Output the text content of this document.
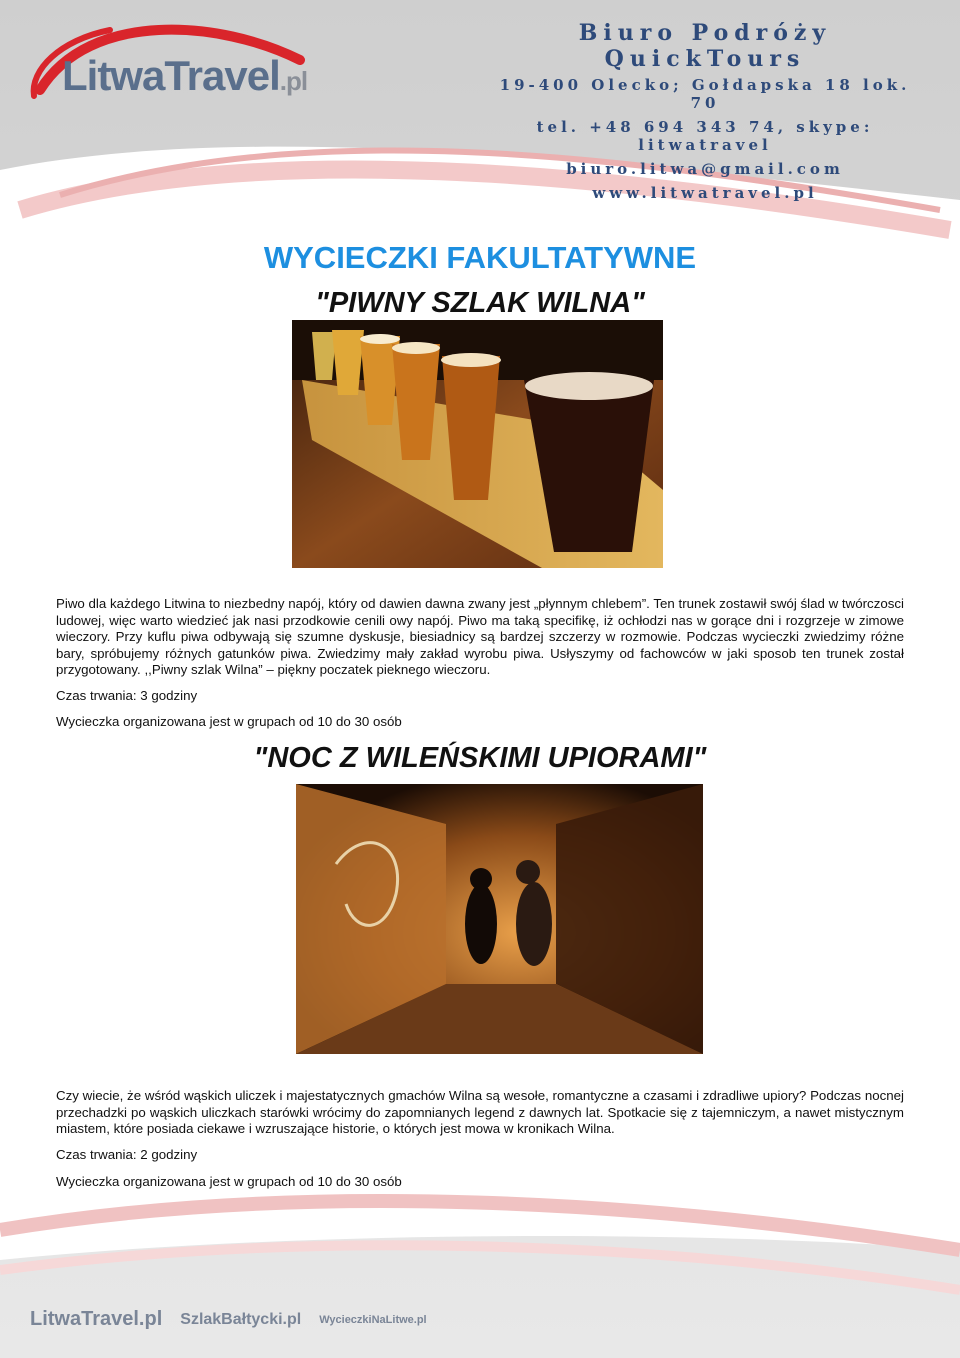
LitwaTravel.pl
Biuro Podróży QuickTours
19-400 Olecko; Gołdapska 18 lok. 70
tel. +48 694 343 74, skype: litwatravel
biuro.litwa@gmail.com
www.litwatravel.pl
WYCIECZKI FAKULTATYWNE
"PIWNY SZLAK WILNA"
Piwo dla każdego Litwina to niezbedny napój, który od dawien dawna zwany jest „płynnym chlebem”. Ten trunek zostawił swój ślad w twórczosci ludowej, więc warto wiedzieć jak nasi przodkowie cenili owy napój. Piwo ma taką specifikę, iż ochłodzi nas w gorące dni i rozgrzeje w zimowe wieczory. Przy kuflu piwa odbywają się szumne dyskusje, biesiadnicy są bardzej szczerzy w rozmowie. Podczas wycieczki zwiedzimy różne bary, spróbujemy różnych gatunków piwa. Zwiedzimy mały zakład wyrobu piwa. Usłyszymy od fachowców w jaki sposob ten trunek został przygotowany. ,,Piwny szlak Wilna” – piękny poczatek pieknego wieczoru.
Czas trwania: 3 godziny
Wycieczka organizowana jest w grupach od 10 do 30 osób
"NOC Z WILEŃSKIMI UPIORAMI"
Czy wiecie, że wśród wąskich uliczek i majestatycznych gmachów Wilna są wesołe, romantyczne a czasami i zdradliwe upiory? Podczas nocnej przechadzki po wąskich uliczkach starówki wrócimy do zapomnianych legend z dawnych lat. Spotkacie się z tajemniczym, a nawet mistycznym miastem, które posiada ciekawe i wzruszające historie, o których jest mowa w kronikach Wilna.
Czas trwania: 2 godziny
Wycieczka organizowana jest w grupach od 10 do 30 osób
LitwaTravel.pl SzlakBałtycki.pl WycieczkiNaLitwe.pl
